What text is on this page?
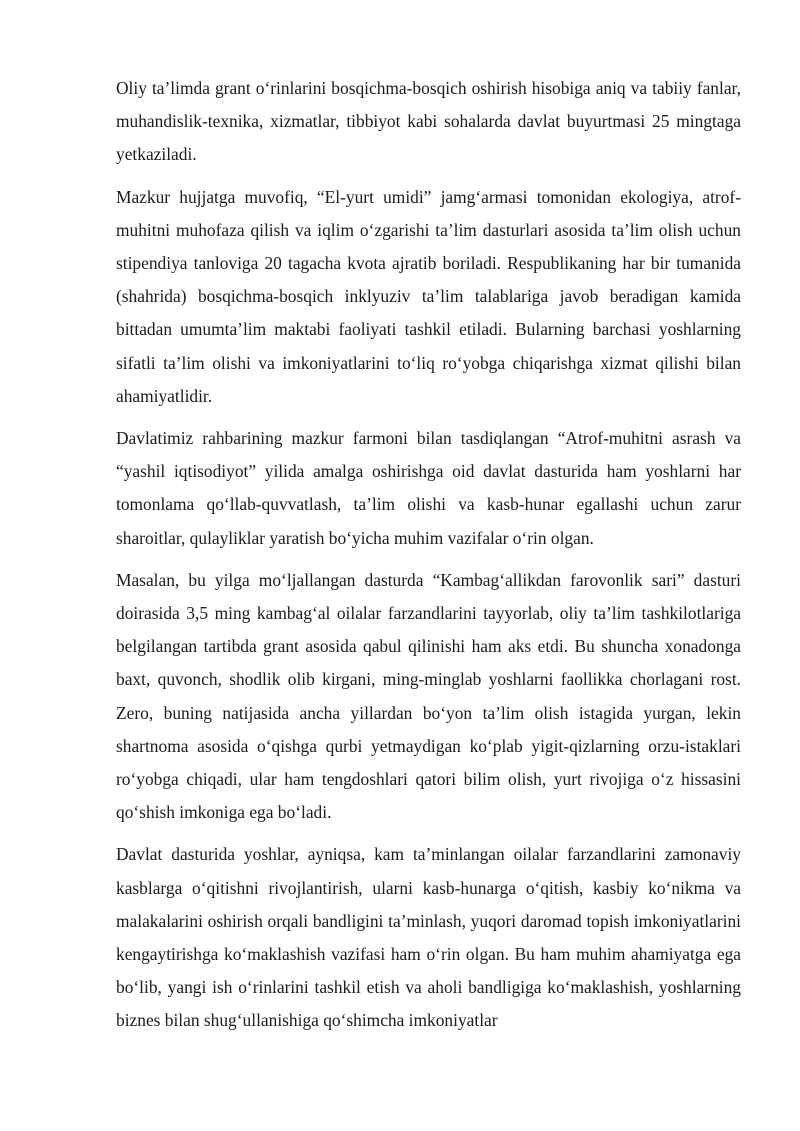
Oliy ta’limda grant o‘rinlarini bosqichma-bosqich oshirish hisobiga aniq va tabiiy fanlar, muhandislik-texnika, xizmatlar, tibbiyot kabi sohalarda davlat buyurtmasi 25 mingtaga yetkaziladi.

Mazkur hujjatga muvofiq, “El-yurt umidi” jamg‘armasi tomonidan ekologiya, atrof-muhitni muhofaza qilish va iqlim o‘zgarishi ta’lim dasturlari asosida ta’lim olish uchun stipendiya tanloviga 20 tagacha kvota ajratib boriladi. Respublikaning har bir tumanida (shahrida) bosqichma-bosqich inklyuziv ta’lim talablariga javob beradigan kamida bittadan umumta’lim maktabi faoliyati tashkil etiladi. Bularning barchasi yoshlarning sifatli ta’lim olishi va imkoniyatlarini to‘liq ro‘yobga chiqarishga xizmat qilishi bilan ahamiyatlidir.

Davlatimiz rahbarining mazkur farmoni bilan tasdiqlangan “Atrof-muhitni asrash va “yashil iqtisodiyot” yilida amalga oshirishga oid davlat dasturida ham yoshlarni har tomonlama qo‘llab-quvvatlash, ta’lim olishi va kasb-hunar egallashi uchun zarur sharoitlar, qulayliklar yaratish bo‘yicha muhim vazifalar o‘rin olgan.

Masalan, bu yilga mo‘ljallangan dasturda “Kambag‘allikdan farovonlik sari” dasturi doirasida 3,5 ming kambag‘al oilalar farzandlarini tayyorlab, oliy ta’lim tashkilotlariga belgilangan tartibda grant asosida qabul qilinishi ham aks etdi. Bu shuncha xonadonga baxt, quvonch, shodlik olib kirgani, ming-minglab yoshlarni faollikka chorlagani rost. Zero, buning natijasida ancha yillardan bo‘yon ta’lim olish istagida yurgan, lekin shartnoma asosida o‘qishga qurbi yetmaydigan ko‘plab yigit-qizlarning orzu-istaklari ro‘yobga chiqadi, ular ham tengdoshlari qatori bilim olish, yurt rivojiga o‘z hissasini qo‘shish imkoniga ega bo‘ladi.

Davlat dasturida yoshlar, ayniqsa, kam ta’minlangan oilalar farzandlarini zamonaviy kasblarga o‘qitishni rivojlantirish, ularni kasb-hunarga o‘qitish, kasbiy ko‘nikma va malakalarini oshirish orqali bandligini ta’minlash, yuqori daromad topish imkoniyatlarini kengaytirishga ko‘maklashish vazifasi ham o‘rin olgan. Bu ham muhim ahamiyatga ega bo‘lib, yangi ish o‘rinlarini tashkil etish va aholi bandligiga ko‘maklashish, yoshlarning biznes bilan shug‘ullanishiga qo‘shimcha imkoniyatlar
